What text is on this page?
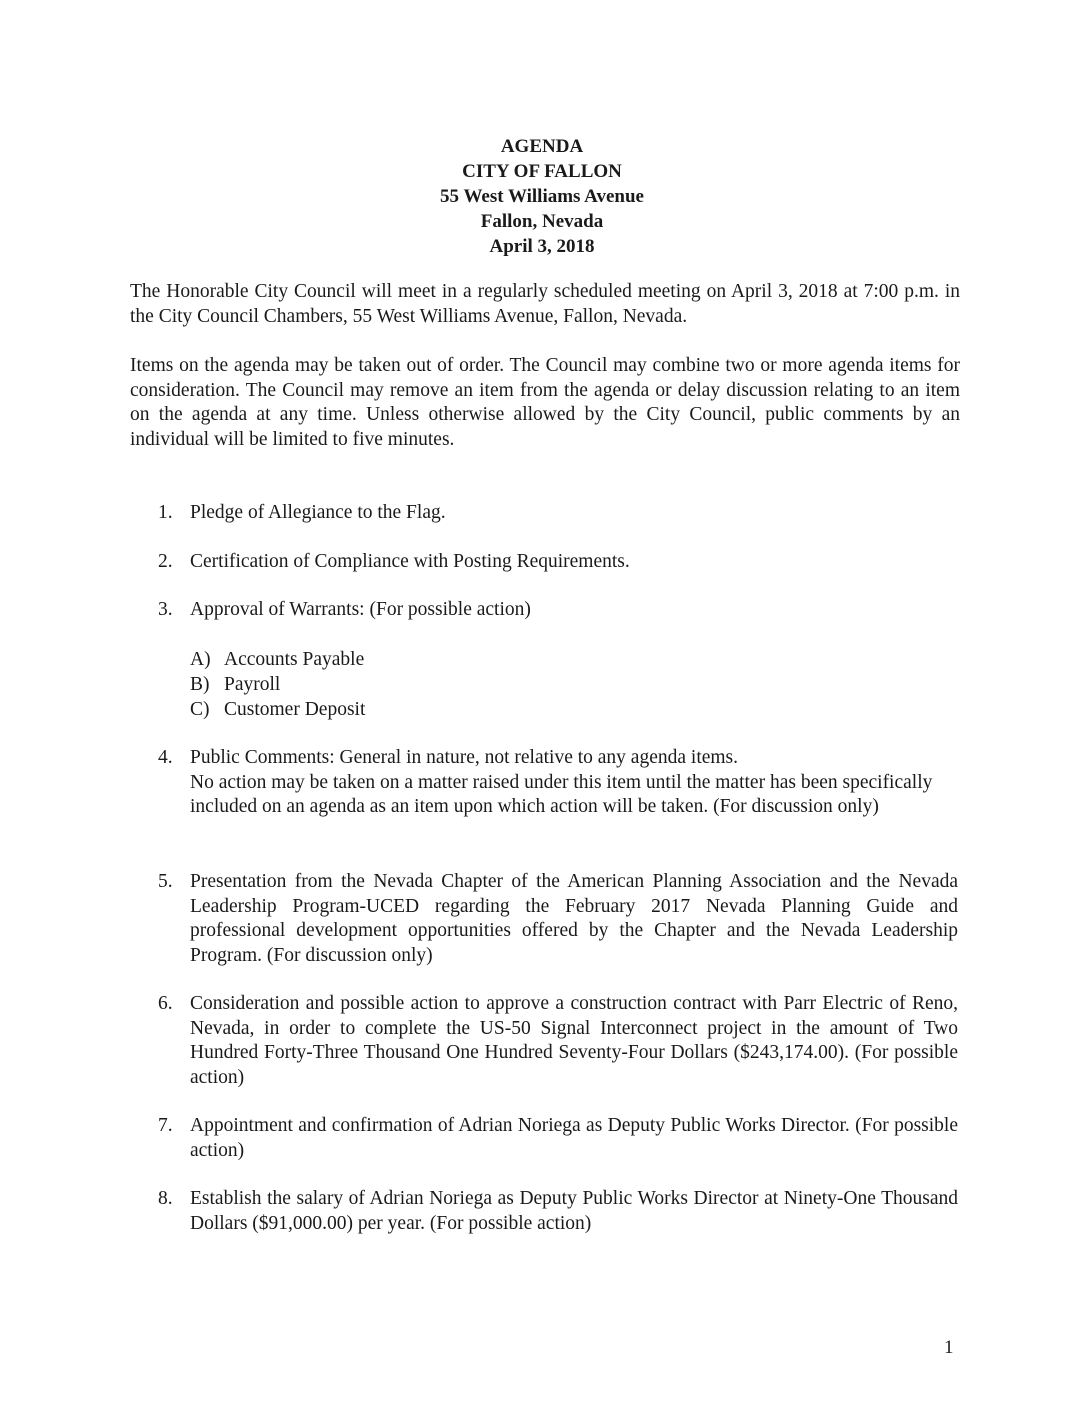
AGENDA
CITY OF FALLON
55 West Williams Avenue
Fallon, Nevada
April 3, 2018
The Honorable City Council will meet in a regularly scheduled meeting on April 3, 2018 at 7:00 p.m. in the City Council Chambers, 55 West Williams Avenue, Fallon, Nevada.
Items on the agenda may be taken out of order. The Council may combine two or more agenda items for consideration. The Council may remove an item from the agenda or delay discussion relating to an item on the agenda at any time. Unless otherwise allowed by the City Council, public comments by an individual will be limited to five minutes.
1. Pledge of Allegiance to the Flag.
2. Certification of Compliance with Posting Requirements.
3. Approval of Warrants: (For possible action)
A) Accounts Payable
B) Payroll
C) Customer Deposit
4. Public Comments: General in nature, not relative to any agenda items.
No action may be taken on a matter raised under this item until the matter has been specifically included on an agenda as an item upon which action will be taken. (For discussion only)
5. Presentation from the Nevada Chapter of the American Planning Association and the Nevada Leadership Program-UCED regarding the February 2017 Nevada Planning Guide and professional development opportunities offered by the Chapter and the Nevada Leadership Program. (For discussion only)
6. Consideration and possible action to approve a construction contract with Parr Electric of Reno, Nevada, in order to complete the US-50 Signal Interconnect project in the amount of Two Hundred Forty-Three Thousand One Hundred Seventy-Four Dollars ($243,174.00). (For possible action)
7. Appointment and confirmation of Adrian Noriega as Deputy Public Works Director. (For possible action)
8. Establish the salary of Adrian Noriega as Deputy Public Works Director at Ninety-One Thousand Dollars ($91,000.00) per year. (For possible action)
1
